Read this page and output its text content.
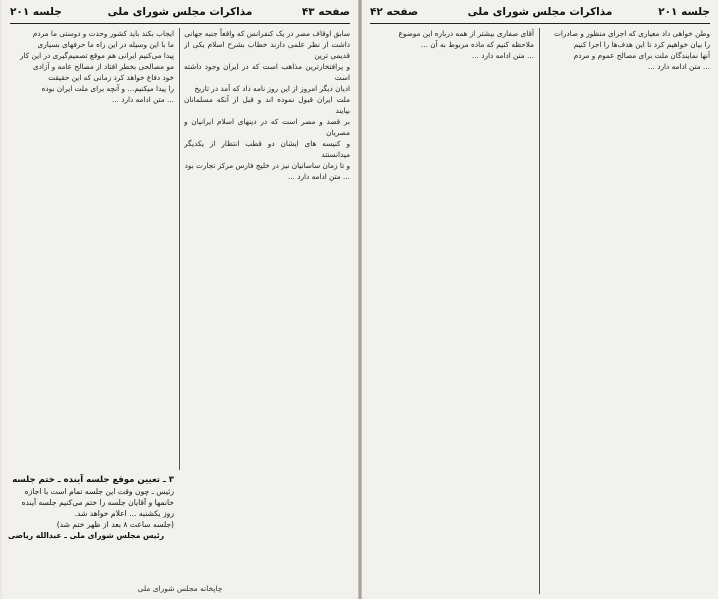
صفحه ۴۳
مذاکرات مجلس شورای ملی
جلسه ۲۰۱
سابق اوقاف مصر در یک کنفرانس که واقعاً جنبه جهانی
داشت از نظر علمی دارند خطاب بشرح اسلام یکی از قدیمی ترین
و پرافتخارترین مذاهب است که در ایران وجود داشته است
ادیان دیگر امروز از این روز نامه داد که آمد در تاریخ
ملت ایران قبول نموده اند و قبل از آنکه مسلمانان بیایند
بر قصد و مصر است که در دینهای اسلام ایرانیان و مصریان
و کنیسه های ایشان دو قطب انتظار از یکدیگر میدانستند
و تا زمان ساسانیان نیز در خلیج فارس مرکز تجارت بود
... متن ادامه دارد ...
ایجاب بکند باید کشور وحدت و دوستی ما مردم
ما با این وسیله در این راه ما حرفهای بسیاری
پیدا می‌کنیم ایرانی هم موقع تصمیم‌گیری در این کار
مو مصالحی بخطر افتاد از مصالح عامه و آزادی
خود دفاع خواهد کرد زمانی که این حقیقت
را پیدا میکنیم... و آنچه برای ملت ایران بوده
... متن ادامه دارد ...
۳ ـ تعیین موقع جلسه آینده ـ ختم جلسه
رئیس ـ چون وقت این جلسه تمام است با اجازه
خانمها و آقایان جلسه را ختم می‌کنیم جلسه آینده
روز یکشنبه ... اعلام خواهد شد.
(جلسه ساعت ۸ بعد از ظهر ختم شد)
رئیس مجلس شورای ملی ـ عبدالله ریاضی
چاپخانه مجلس شورای ملی
جلسه ۲۰۱
مذاکرات مجلس شورای ملی
صفحه ۴۲
وطن خواهی داد معیاری که اجرای منظور و صادرات
را بیان خواهیم کرد تا این هدف‌ها را اجرا کنیم
آنها نمایندگان ملت برای مصالح عموم و مردم
... متن ادامه دارد ...
آقای صفاری بیشتر از همه درباره این موضوع
ملاحظه کنیم که ماده مربوط به آن ...
... متن ادامه دارد ...
